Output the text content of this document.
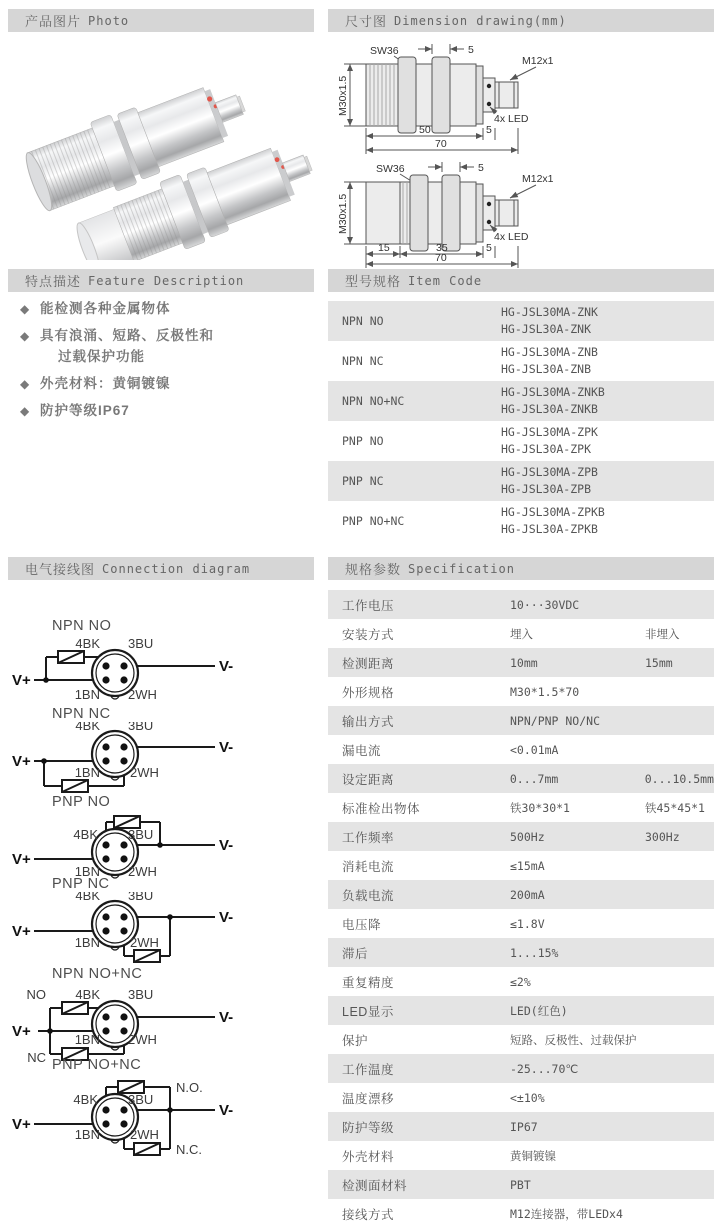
产品图片 Photo	尺寸图 Dimension drawing(mm)
特点描述 Feature Description	型号规格 Item Code
电气接线图 Connection diagram	规格参数 Specification
SW36	5
M30x1.5
M12x1
4x LED
50	5
70
SW36	5
M30x1.5
M12x1
4x LED
15	35	5
70
◆ 能检测各种金属物体
◆ 具有浪涌、短路、反极性和
过载保护功能
◆ 外壳材料：黄铜镀镍
◆ 防护等级IP67
NPN NO
HG-JSL30MA-ZNK
HG-JSL30A-ZNK
NPN NC
HG-JSL30MA-ZNB
HG-JSL30A-ZNB
NPN NO+NC
HG-JSL30MA-ZNKB
HG-JSL30A-ZNKB
PNP NO
HG-JSL30MA-ZPK
HG-JSL30A-ZPK
PNP NC
HG-JSL30MA-ZPB
HG-JSL30A-ZPB
PNP NO+NC
HG-JSL30MA-ZPKB
HG-JSL30A-ZPKB
工作电压	10···30VDC
安装方式	埋入	非埋入
检测距离	10mm	15mm
外形规格	M30*1.5*70
输出方式	NPN/PNP NO/NC
漏电流	<0.01mA
设定距离	0...7mm	0...10.5mm
标准检出物体	铁30*30*1	铁45*45*1
工作频率	500Hz	300Hz
消耗电流	≤15mA
负载电流	200mA
电压降	≤1.8V
滞后	1...15%
重复精度	≤2%
LED显示	LED(红色)
保护	短路、反极性、过载保护
工作温度	-25...70℃
温度漂移	<±10%
防护等级	IP67
外壳材料	黄铜镀镍
检测面材料	PBT
接线方式	M12连接器，带LEDx4
NPN NO
4BK 3BU
1BN 2WH
V+
V-
NPN NC
4BK 3BU
1BN 2WH
V+
V-
PNP NO
4BK 3BU
1BN 2WH
V+
V-
PNP NC
4BK 3BU
1BN 2WH
V+
V-
NPN NO+NC
NO
NC
4BK 3BU
1BN 2WH
V+
V-
PNP NO+NC
N.O.
N.C.
4BK 3BU
1BN 2WH
V+
V-
